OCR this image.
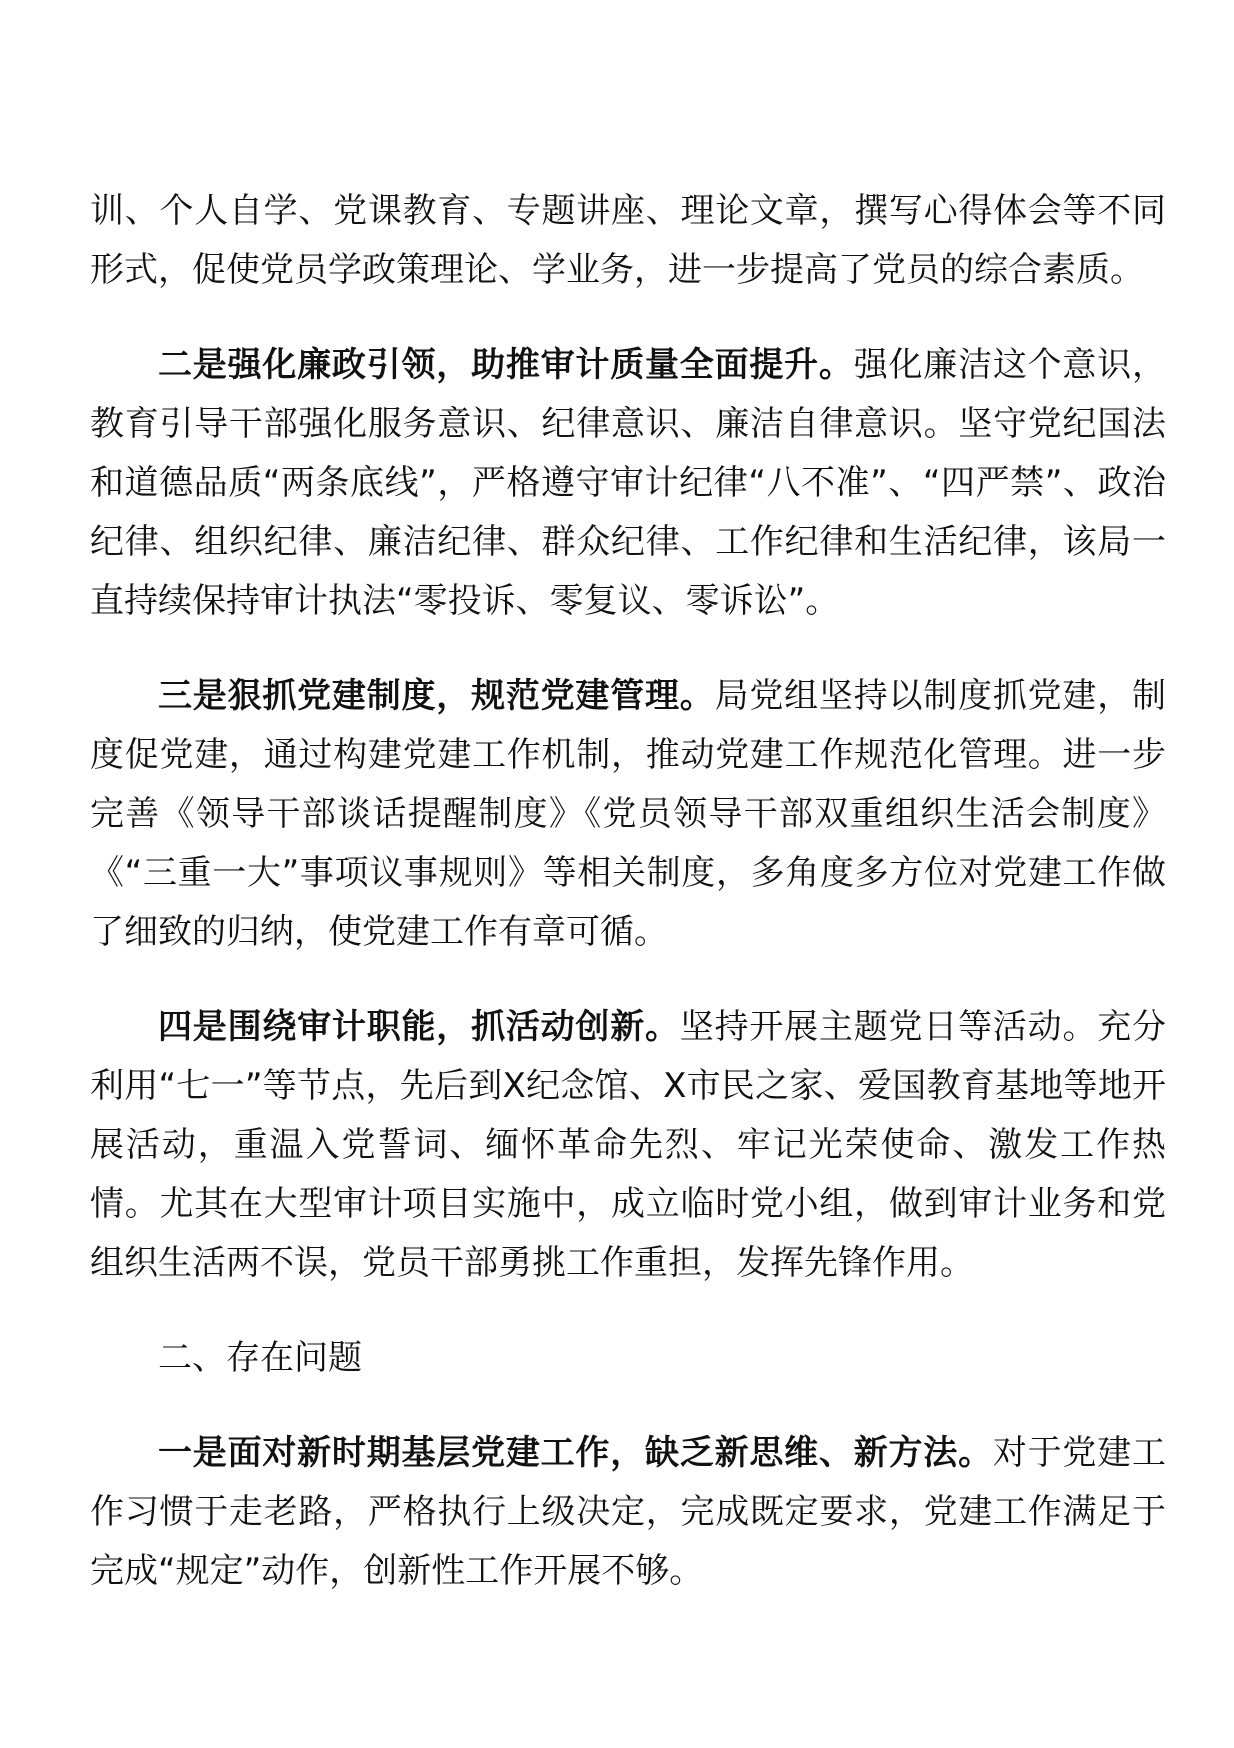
训、个人自学、党课教育、专题讲座、理论文章，撰写心得体会等不同形式，促使党员学政策理论、学业务，进一步提高了党员的综合素质。

二是强化廉政引领，助推审计质量全面提升。强化廉洁这个意识，教育引导干部强化服务意识、纪律意识、廉洁自律意识。坚守党纪国法和道德品质“两条底线”，严格遵守审计纪律“八不准”、“四严禁”、政治纪律、组织纪律、廉洁纪律、群众纪律、工作纪律和生活纪律，该局一直持续保持审计执法“零投诉、零复议、零诉讼”。

三是狠抓党建制度，规范党建管理。局党组坚持以制度抓党建，制度促党建，通过构建党建工作机制，推动党建工作规范化管理。进一步完善《领导干部谈话提醒制度》《党员领导干部双重组织生活会制度》《“三重一大”事项议事规则》等相关制度，多角度多方位对党建工作做了细致的归纳，使党建工作有章可循。

四是围绕审计职能，抓活动创新。坚持开展主题党日等活动。充分利用“七一”等节点，先后到X纪念馆、X市民之家、爱国教育基地等地开展活动，重温入党誓词、缅怀革命先烈、牢记光荣使命、激发工作热情。尤其在大型审计项目实施中，成立临时党小组，做到审计业务和党组织生活两不误，党员干部勇挑工作重担，发挥先锋作用。

二、存在问题

一是面对新时期基层党建工作，缺乏新思维、新方法。对于党建工作习惯于走老路，严格执行上级决定，完成既定要求，党建工作满足于完成“规定”动作，创新性工作开展不够。
